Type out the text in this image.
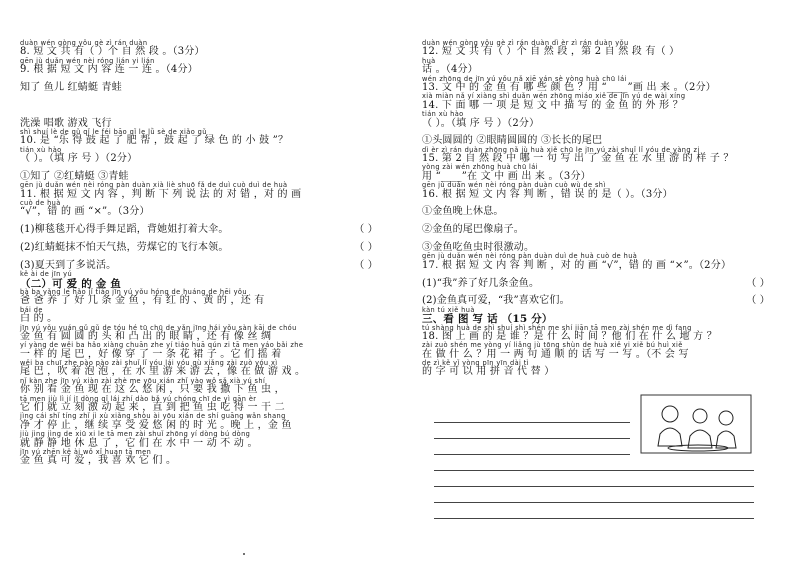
duàn wén gòng yǒu gè zì rán duàn
8. 短 文 共 有（ ）个 自 然 段 。（3分）
gēn jù duǎn wén nèi róng lián yi lián
9. 根 据 短 文 内 容 连 一 连 。（4分）
知了 鱼儿 红蜻蜓 青蛙
洗澡 唱歌 游戏 飞行
shì shuí lè de gǔ qǐ le féi bāo qǐ le lǜ sè de xiǎo gǔ
10. 是 “乐 得 鼓 起 了 肥 帮 ，鼓 起 了 绿 色 的 小 鼓 ”？
tián xù hào
（ ）。（填 序 号 ）（2分）
①知了 ②红蜻蜓 ③青蛙
gēn jù duǎn wén nèi róng pàn duàn xià liè shuō fǎ de duì cuò duì de huà
11. 根 据 短 文 内 容 ，判 断 下 列 说 法 的 对 错 ，对 的 画
cuò de huà
“√”，错 的 画 “×”。（3分）
(1)柳毯毯开心得手舞足蹈，背她姐打着大伞。	（ ）
(2)红蜻蜓抹不怕天气热，劳煤它的飞行本领。	（ ）
(3)夏天到了多说活。	（ ）
kě ài de jīn yú
（二）可 爱 的 金 鱼
bà ba yǎng le hǎo jǐ tiáo jīn yú yǒu hóng de huáng de hēi yǒu
爸 爸 养 了 好 几 条 金 鱼 ，有 红 的 、黄 的 ，还 有
bái de
白 的 。
jīn yú yǒu yuán gǔ gǔ de tóu hé tū chū de yǎn jīng hái yǒu sàn kāi de chóu
金 鱼 有 圆 圆 的 头 和 凸 出 的 眼 睛 ，还 有 像 丝 绸
yí yàng de wěi ba hǎo xiàng chuān zhe yí tiáo huā qún zi tā men yáo bǎi zhe
一 样 的 尾 巴 ，好 像 穿 了 一 条 花 裙 子 。它 们 摇 着
wěi ba chuī zhe pào pào zài shuǐ lǐ yóu lái yóu qù xiǎng zài zuò yóu xì
尾 巴 ，吹 着 泡 泡 ，在 水 里 游 来 游 去 ，像 在 做 游 戏 。
nǐ kàn zhe jīn yú xiàn zài zhè me yōu xián zhǐ yào wǒ sǎ xià yú shí
你 别 看 金 鱼 现 在 这 么 悠 闲 ，只 要 我 撒 下 鱼 虫 ，
tā men jiù lì jí jī dòng qǐ lái zhí dào bǎ yú chóng chī de yì gān èr
它 们 就 立 刻 激 动 起 来 ，直 到 把 鱼 虫 吃 得 一 干 二
jìng cái shǐ tíng zhǐ jì xù xiǎng shòu ài yōu xián de shí guāng wǎn shang
净 才 停 止 ，继 续 享 受 爱 悠 闲 的 时 光 。晚 上 ，金 鱼
jiù jìng jìng de xiū xi le tā men zài shuǐ zhōng yí dòng bú dòng
就 静 静 地 休 息 了 ，它 们 在 水 中 一 动 不 动 。
jīn yú zhēn kě ài wǒ xǐ huan tā men
金 鱼 真 可 爱 ，我 喜 欢 它 们 。
duàn wén gòng yǒu gè zì rán duàn dì èr zì rán duàn yǒu
12. 短 文 共 有（ ）个 自 然 段 ，第 2 自 然 段 有（ ）
huà
话 。（4分）
wén zhōng de jīn yú yǒu nǎ xiē yán sè yòng huà chū lái
13. 文 中 的 金 鱼 有 哪 些 颜 色 ？用 “____”画 出 来 。（2分）
xià miàn nǎ yí xiàng shì duǎn wén zhōng miáo xiě de jīn yú de wài xíng
14. 下 面 哪 一 项 是 短 文 中 描 写 的 金 鱼 的 外 形 ？
tián xù hào
（ ）。（填 序 号 ）（2分）
①头圆圆的 ②眼睛圆圆的 ③长长的尾巴
dì èr zì rán duàn zhōng nǎ jù huà xiě chū le jīn yú zài shuǐ lǐ yóu de yàng zi
15. 第 2 自 然 段 中 哪 一 句 写 出 了 金 鱼 在 水 里 游 的 样 子 ？
yòng zài wén zhōng huà chū lái
用 “____”在 文 中 画 出 来 。（3分）
gēn jù duǎn wén nèi róng pàn duàn cuò wù de shì
16. 根 据 短 文 内 容 判 断 ，错 误 的 是（ ）。（3分）
①金鱼晚上休息。
②金鱼的尾巴像扇子。
③金鱼吃鱼虫时很激动。
gēn jù duǎn wén nèi róng pàn duàn duì de huà cuò de huà
17. 根 据 短 文 内 容 判 断 ，对 的 画 “√”，错 的 画 “×”。（2分）
(1)“我”养了好几条金鱼。	（ ）
(2)金鱼真可爱，“我”喜欢它们。	（ ）
kàn tú xiě huà
三、看 图 写 话 （15 分）
tú shàng huà de shì shuí shì shén me shí jiān tā men zài shén me dì fang
18. 图 上 画 的 是 谁 ？是 什 么 时 间 ？他 们 在 什 么 地 方 ？
zài zuò shén me yòng yí liǎng jù tōng shùn de huà xiě yi xiě bú huì xiě
在 做 什 么 ？用 一 两 句 通 顺 的 话 写 一 写 。（不 会 写
de zì kě yǐ yòng pīn yīn dài tì
的 字 可 以 用 拼 音 代 替 ）
